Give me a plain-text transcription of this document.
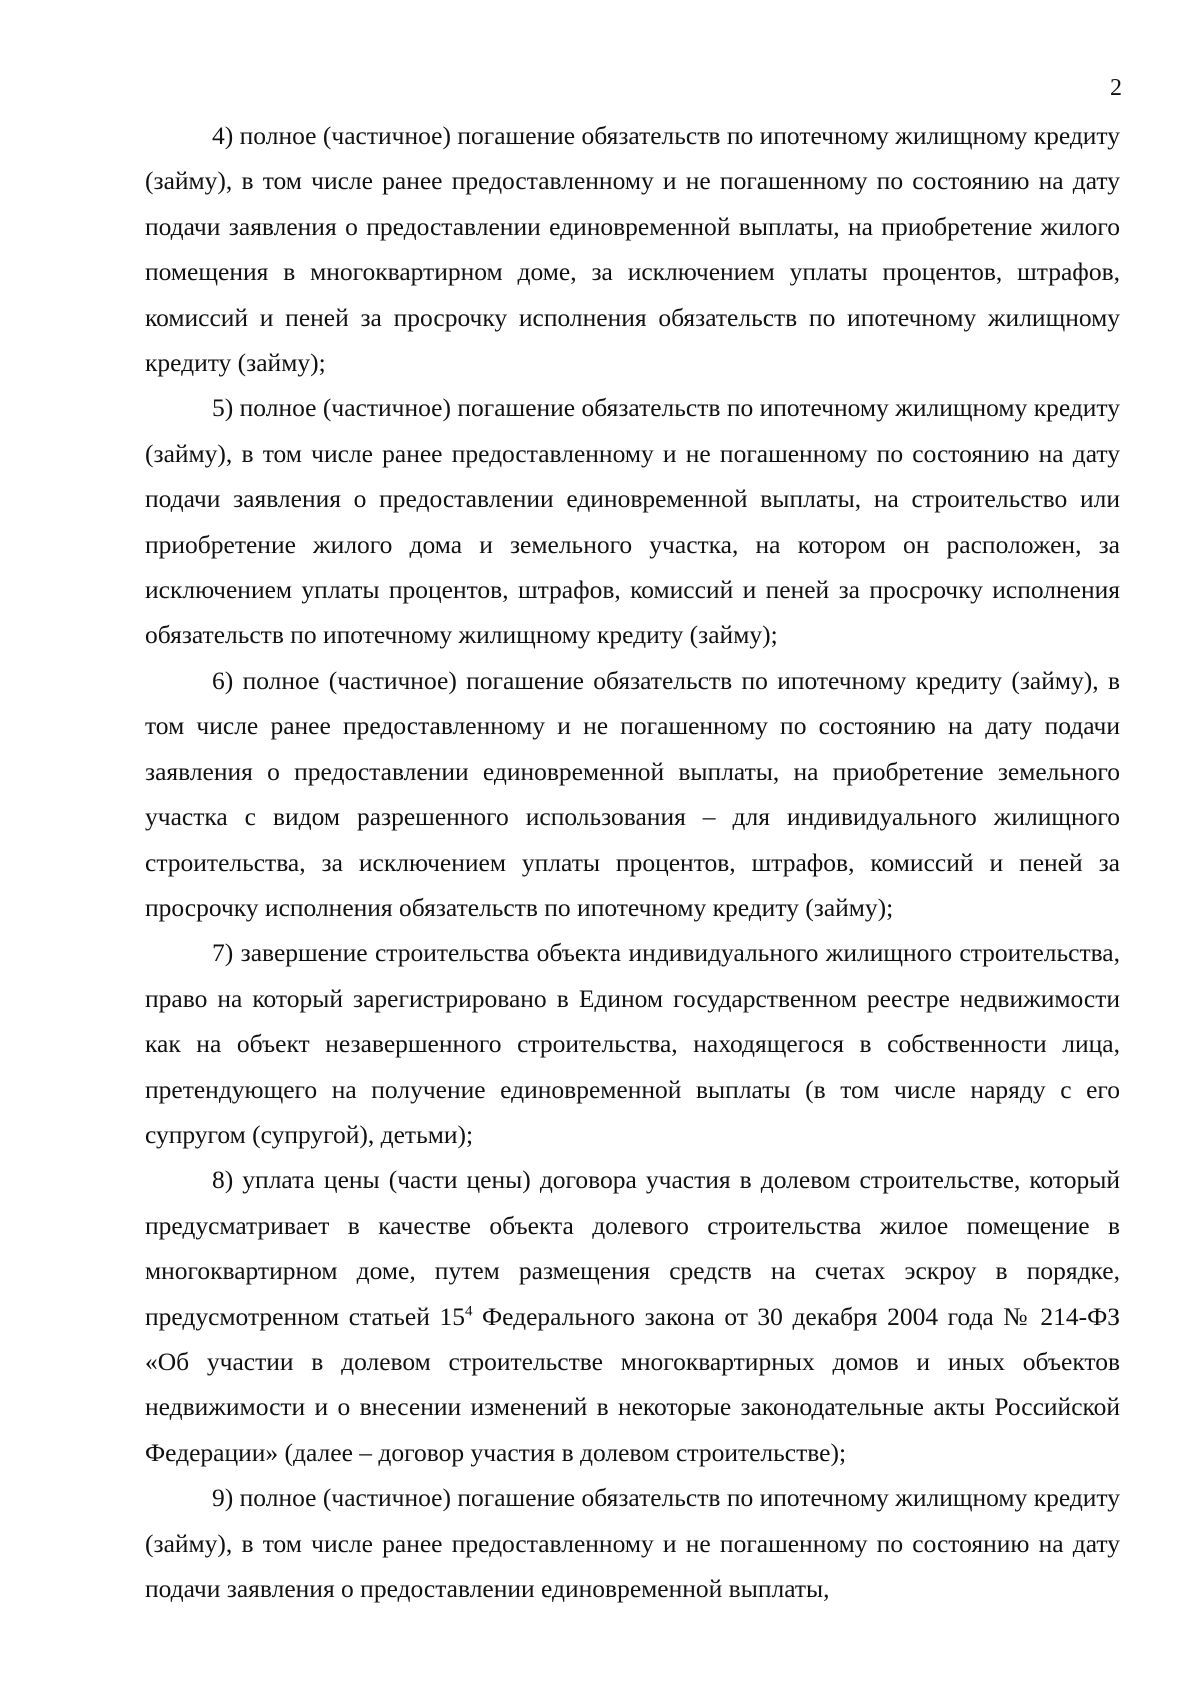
2

4) полное (частичное) погашение обязательств по ипотечному жилищному кредиту (займу), в том числе ранее предоставленному и не погашенному по состоянию на дату подачи заявления о предоставлении единовременной выплаты, на приобретение жилого помещения в многоквартирном доме, за исключением уплаты процентов, штрафов, комиссий и пеней за просрочку исполнения обязательств по ипотечному жилищному кредиту (займу);

5) полное (частичное) погашение обязательств по ипотечному жилищному кредиту (займу), в том числе ранее предоставленному и не погашенному по состоянию на дату подачи заявления о предоставлении единовременной выплаты, на строительство или приобретение жилого дома и земельного участка, на котором он расположен, за исключением уплаты процентов, штрафов, комиссий и пеней за просрочку исполнения обязательств по ипотечному жилищному кредиту (займу);

6) полное (частичное) погашение обязательств по ипотечному кредиту (займу), в том числе ранее предоставленному и не погашенному по состоянию на дату подачи заявления о предоставлении единовременной выплаты, на приобретение земельного участка с видом разрешенного использования – для индивидуального жилищного строительства, за исключением уплаты процентов, штрафов, комиссий и пеней за просрочку исполнения обязательств по ипотечному кредиту (займу);

7) завершение строительства объекта индивидуального жилищного строительства, право на который зарегистрировано в Едином государственном реестре недвижимости как на объект незавершенного строительства, находящегося в собственности лица, претендующего на получение единовременной выплаты (в том числе наряду с его супругом (супругой), детьми);

8) уплата цены (части цены) договора участия в долевом строительстве, который предусматривает в качестве объекта долевого строительства жилое помещение в многоквартирном доме, путем размещения средств на счетах эскроу в порядке, предусмотренном статьей $15^4$ Федерального закона от 30 декабря 2004 года № 214-ФЗ «Об участии в долевом строительстве многоквартирных домов и иных объектов недвижимости и о внесении изменений в некоторые законодательные акты Российской Федерации» (далее – договор участия в долевом строительстве);

9) полное (частичное) погашение обязательств по ипотечному жилищному кредиту (займу), в том числе ранее предоставленному и не погашенному по состоянию на дату подачи заявления о предоставлении единовременной выплаты,
